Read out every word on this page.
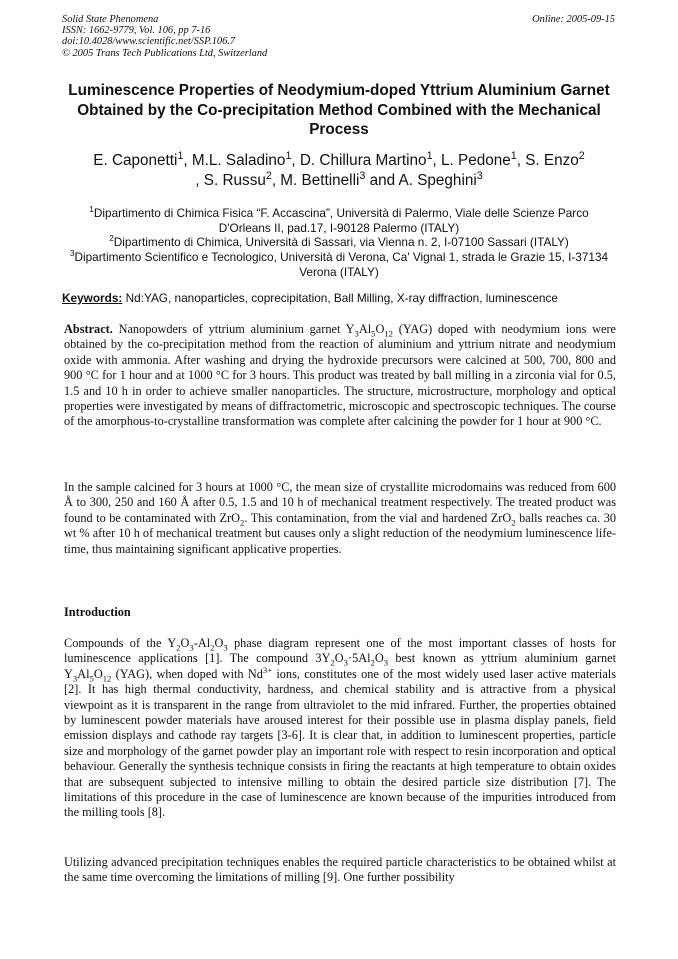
Solid State Phenomena
ISSN: 1662-9779, Vol. 106, pp 7-16
doi:10.4028/www.scientific.net/SSP.106.7
© 2005 Trans Tech Publications Ltd, Switzerland
Online: 2005-09-15
Luminescence Properties of Neodymium-doped Yttrium Aluminium Garnet Obtained by the Co-precipitation Method Combined with the Mechanical Process
E. Caponetti$^1$, M.L. Saladino$^1$, D. Chillura Martino$^1$, L. Pedone$^1$, S. Enzo$^2$
, S. Russu$^2$, M. Bettinelli$^3$ and A. Speghini$^3$
$^1$Dipartimento di Chimica Fisica “F. Accascina”, Università di Palermo, Viale delle Scienze Parco D'Orleans II, pad.17, I-90128 Palermo (ITALY)
$^2$Dipartimento di Chimica, Università di Sassari, via Vienna n. 2, I-07100 Sassari (ITALY)
$^3$Dipartimento Scientifico e Tecnologico, Università di Verona, Ca' Vignal 1, strada le Grazie 15, I-37134 Verona (ITALY)
Keywords: Nd:YAG, nanoparticles, coprecipitation, Ball Milling, X-ray diffraction, luminescence
Abstract. Nanopowders of yttrium aluminium garnet $Y_3Al_5O_{12}$ (YAG) doped with neodymium ions were obtained by the co-precipitation method from the reaction of aluminium and yttrium nitrate and neodymium oxide with ammonia. After washing and drying the hydroxide precursors were calcined at 500, 700, 800 and 900 °C for 1 hour and at 1000 °C for 3 hours. This product was treated by ball milling in a zirconia vial for 0.5, 1.5 and 10 h in order to achieve smaller nanoparticles. The structure, microstructure, morphology and optical properties were investigated by means of diffractometric, microscopic and spectroscopic techniques. The course of the amorphous-to-crystalline transformation was complete after calcining the powder for 1 hour at 900 °C.
In the sample calcined for 3 hours at 1000 °C, the mean size of crystallite microdomains was reduced from 600 Å to 300, 250 and 160 Å after 0.5, 1.5 and 10 h of mechanical treatment respectively. The treated product was found to be contaminated with ZrO$_2$. This contamination, from the vial and hardened ZrO$_2$ balls reaches ca. 30 wt % after 10 h of mechanical treatment but causes only a slight reduction of the neodymium luminescence life-time, thus maintaining significant applicative properties.
Introduction
Compounds of the $Y_2O_3-Al_2O_3$ phase diagram represent one of the most important classes of hosts for luminescence applications [1]. The compound $3Y_2O_3\cdot 5Al_2O_3$ best known as yttrium aluminium garnet $Y_3Al_5O_{12}$ (YAG), when doped with $Nd^{3+}$ ions, constitutes one of the most widely used laser active materials [2]. It has high thermal conductivity, hardness, and chemical stability and is attractive from a physical viewpoint as it is transparent in the range from ultraviolet to the mid infrared. Further, the properties obtained by luminescent powder materials have aroused interest for their possible use in plasma display panels, field emission displays and cathode ray targets [3-6]. It is clear that, in addition to luminescent properties, particle size and morphology of the garnet powder play an important role with respect to resin incorporation and optical behaviour. Generally the synthesis technique consists in firing the reactants at high temperature to obtain oxides that are subsequent subjected to intensive milling to obtain the desired particle size distribution [7]. The limitations of this procedure in the case of luminescence are known because of the impurities introduced from the milling tools [8].
Utilizing advanced precipitation techniques enables the required particle characteristics to be obtained whilst at the same time overcoming the limitations of milling [9]. One further possibility
